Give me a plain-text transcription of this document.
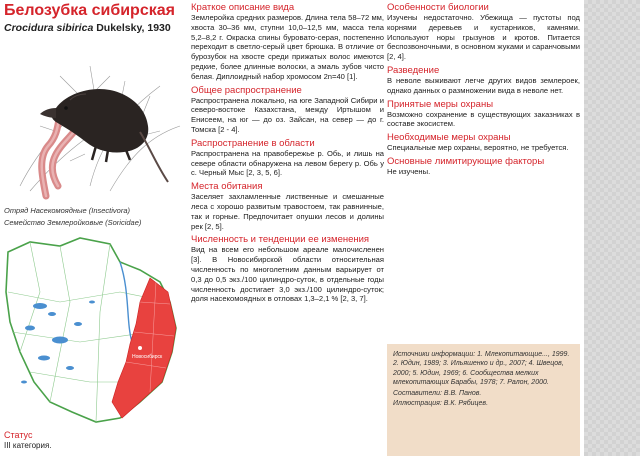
Белозубка сибирская
Crocidura sibirica Dukelsky, 1930
Отряд Насекомоядные (Insectivora)
Семейство Землеройковые (Soricidae)
Новосибирск
Статус
III категория.

Краткое описание вида

Землеройка средних размеров. Длина тела 58–72 мм, хвоста 30–36 мм, ступни 10,0–12,5 мм, масса тела 5,2–8,2 г. Окраска спины буровато-серая, постепенно переходит в светло-серый цвет брюшка. В отличие от бурозубок на хвосте среди прижатых волос имеются редкие, более длинные волоски, а эмаль зубов чисто белая. Диплоидный набор хромосом 2n=40 [1].

Общее распространение

Распространена локально, на юге Западной Сибири и северо-востоке Казахстана, между Иртышом и Енисеем, на юг — до оз. Зайсан, на север — до г. Томска [2 - 4].

Распространение в области

Распространена на правобережье р. Обь, и лишь на севере области обнаружена на левом берегу р. Обь у с. Черный Мыс [2, 3, 5, 6].

Места обитания

Заселяет захламленные лиственные и смешанные леса с хорошо развитым травостоем, так равнинные, так и горные. Предпочитает опушки лесов и долины рек [2, 5].

Численность и тенденции ее изменения

Вид на всем его небольшом ареале малочисленен [3]. В Новосибирской области относительная численность по многолетним данным варьирует от 0,3 до 0,5 экз./100 цилиндро-суток, в отдельные годы численность достигает 3,0 экз./100 цилиндро-суток; доля насекомоядных в отловах 1,3–2,1 % [2, 3, 7].

Особенности биологии

Изучены недостаточно. Убежища — пустоты под корнями деревьев и кустарников, камнями. Используют норы грызунов и кротов. Питается беспозвоночными, в основном жуками и саранчовыми [2, 4].

Разведение

В неволе выживают легче других видов землероек, однако данных о размножении вида в неволе нет.

Принятые меры охраны

Возможно сохранение в существующих заказниках в составе экосистем.

Необходимые меры охраны

Специальные мер охраны, вероятно, не требуется.

Основные лимитирующие факторы

Не изучены.

Источники информации: 1. Млекопитающие..., 1999. 2. Юдин, 1989; 3. Ильяшенко и др., 2007; 4. Швецов, 2000; 5. Юдин, 1969; 6. Сообщества мелких млекопитающих Барабы, 1978; 7. Ралон, 2000.
Составители: В.В. Панов.
Иллюстрация: В.К. Рябицев.
